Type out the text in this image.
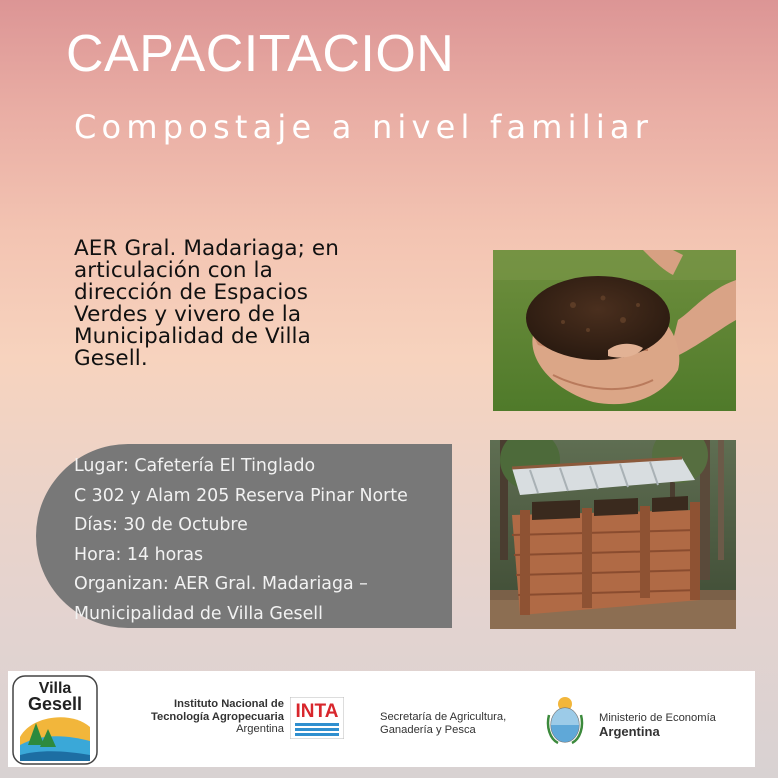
CAPACITACION
Compostaje a nivel familiar
AER Gral. Madariaga; en
articulación con la
dirección de Espacios
Verdes y vivero de la
Municipalidad de Villa
Gesell.
Lugar: Cafetería El Tinglado
C 302 y Alam 205 Reserva Pinar Norte
Días: 30 de Octubre
Hora: 14 horas
Organizan: AER Gral. Madariaga –
Municipalidad de Villa Gesell
Villa
Gesell	Instituto Nacional de
Tecnología Agropecuaria
Argentina
INTA	Secretaría de Agricultura,
Ganadería y Pesca
Ministerio de Economía
Argentina
